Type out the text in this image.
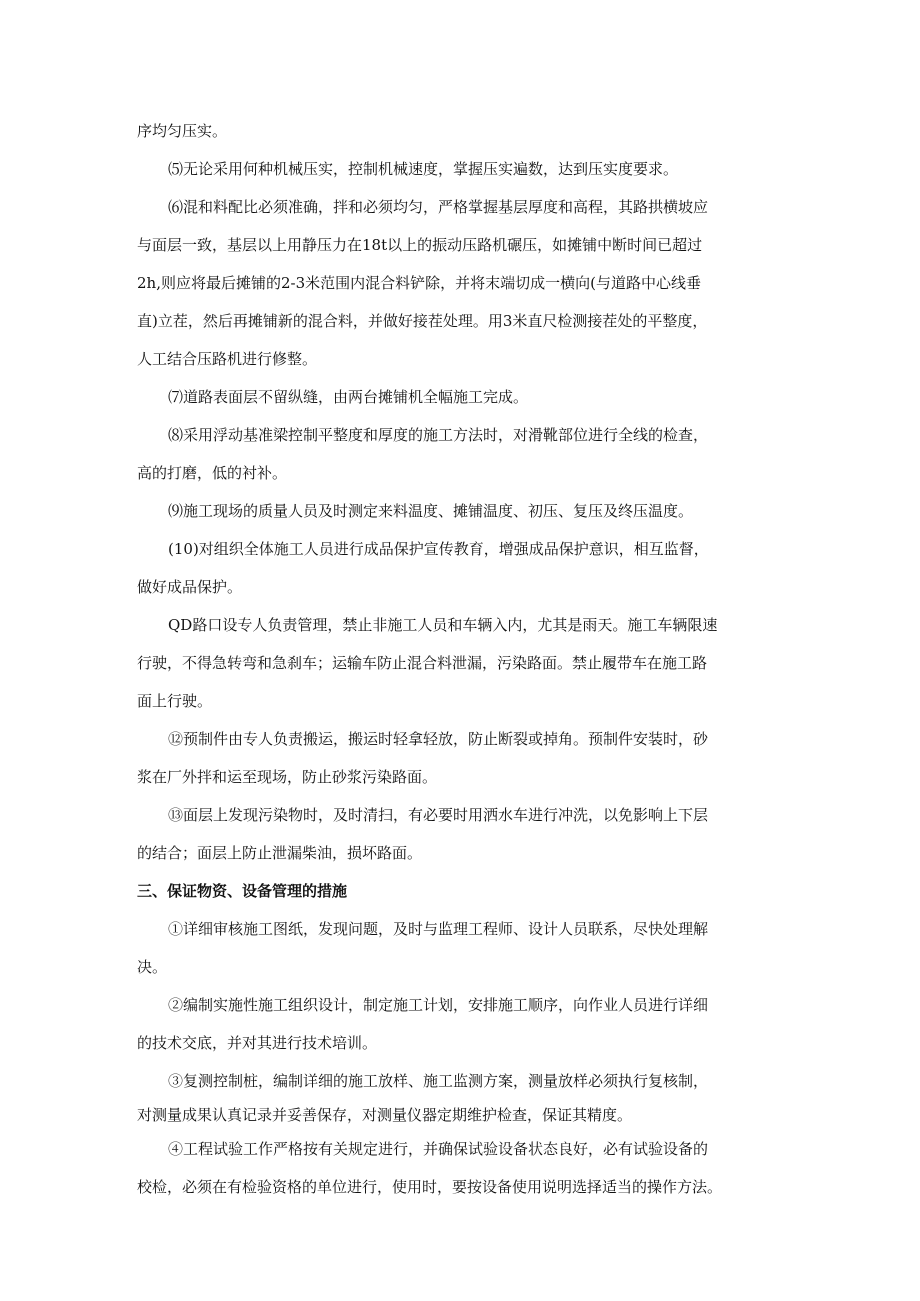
序均匀压实。
⑸无论采用何种机械压实，控制机械速度，掌握压实遍数，达到压实度要求。
⑹混和料配比必须准确，拌和必须均匀，严格掌握基层厚度和高程，其路拱横坡应
与面层一致，基层以上用静压力在18t以上的振动压路机碾压，如摊铺中断时间已超过
2h,则应将最后摊铺的2-3米范围内混合料铲除，并将末端切成一横向(与道路中心线垂
直)立茬，然后再摊铺新的混合料，并做好接茬处理。用3米直尺检测接茬处的平整度，
人工结合压路机进行修整。
⑺道路表面层不留纵缝，由两台摊铺机全幅施工完成。
⑻采用浮动基准梁控制平整度和厚度的施工方法时，对滑靴部位进行全线的检查，
高的打磨，低的衬补。
⑼施工现场的质量人员及时测定来料温度、摊铺温度、初压、复压及终压温度。
(10)对组织全体施工人员进行成品保护宣传教育，增强成品保护意识，相互监督，
做好成品保护。
QD路口设专人负责管理，禁止非施工人员和车辆入内，尤其是雨天。施工车辆限速
行驶，不得急转弯和急刹车；运输车防止混合料泄漏，污染路面。禁止履带车在施工路
面上行驶。
⑫预制件由专人负责搬运，搬运时轻拿轻放，防止断裂或掉角。预制件安装时，砂
浆在厂外拌和运至现场，防止砂浆污染路面。
⑬面层上发现污染物时，及时清扫，有必要时用洒水车进行冲洗，以免影响上下层
的结合；面层上防止泄漏柴油，损坏路面。
三、保证物资、设备管理的措施
①详细审核施工图纸，发现问题，及时与监理工程师、设计人员联系，尽快处理解
决。
②编制实施性施工组织设计，制定施工计划，安排施工顺序，向作业人员进行详细
的技术交底，并对其进行技术培训。
③复测控制桩，编制详细的施工放样、施工监测方案，测量放样必须执行复核制，
对测量成果认真记录并妥善保存，对测量仪器定期维护检查，保证其精度。
④工程试验工作严格按有关规定进行，并确保试验设备状态良好，必有试验设备的
校检，必须在有检验资格的单位进行，使用时，要按设备使用说明选择适当的操作方法。
